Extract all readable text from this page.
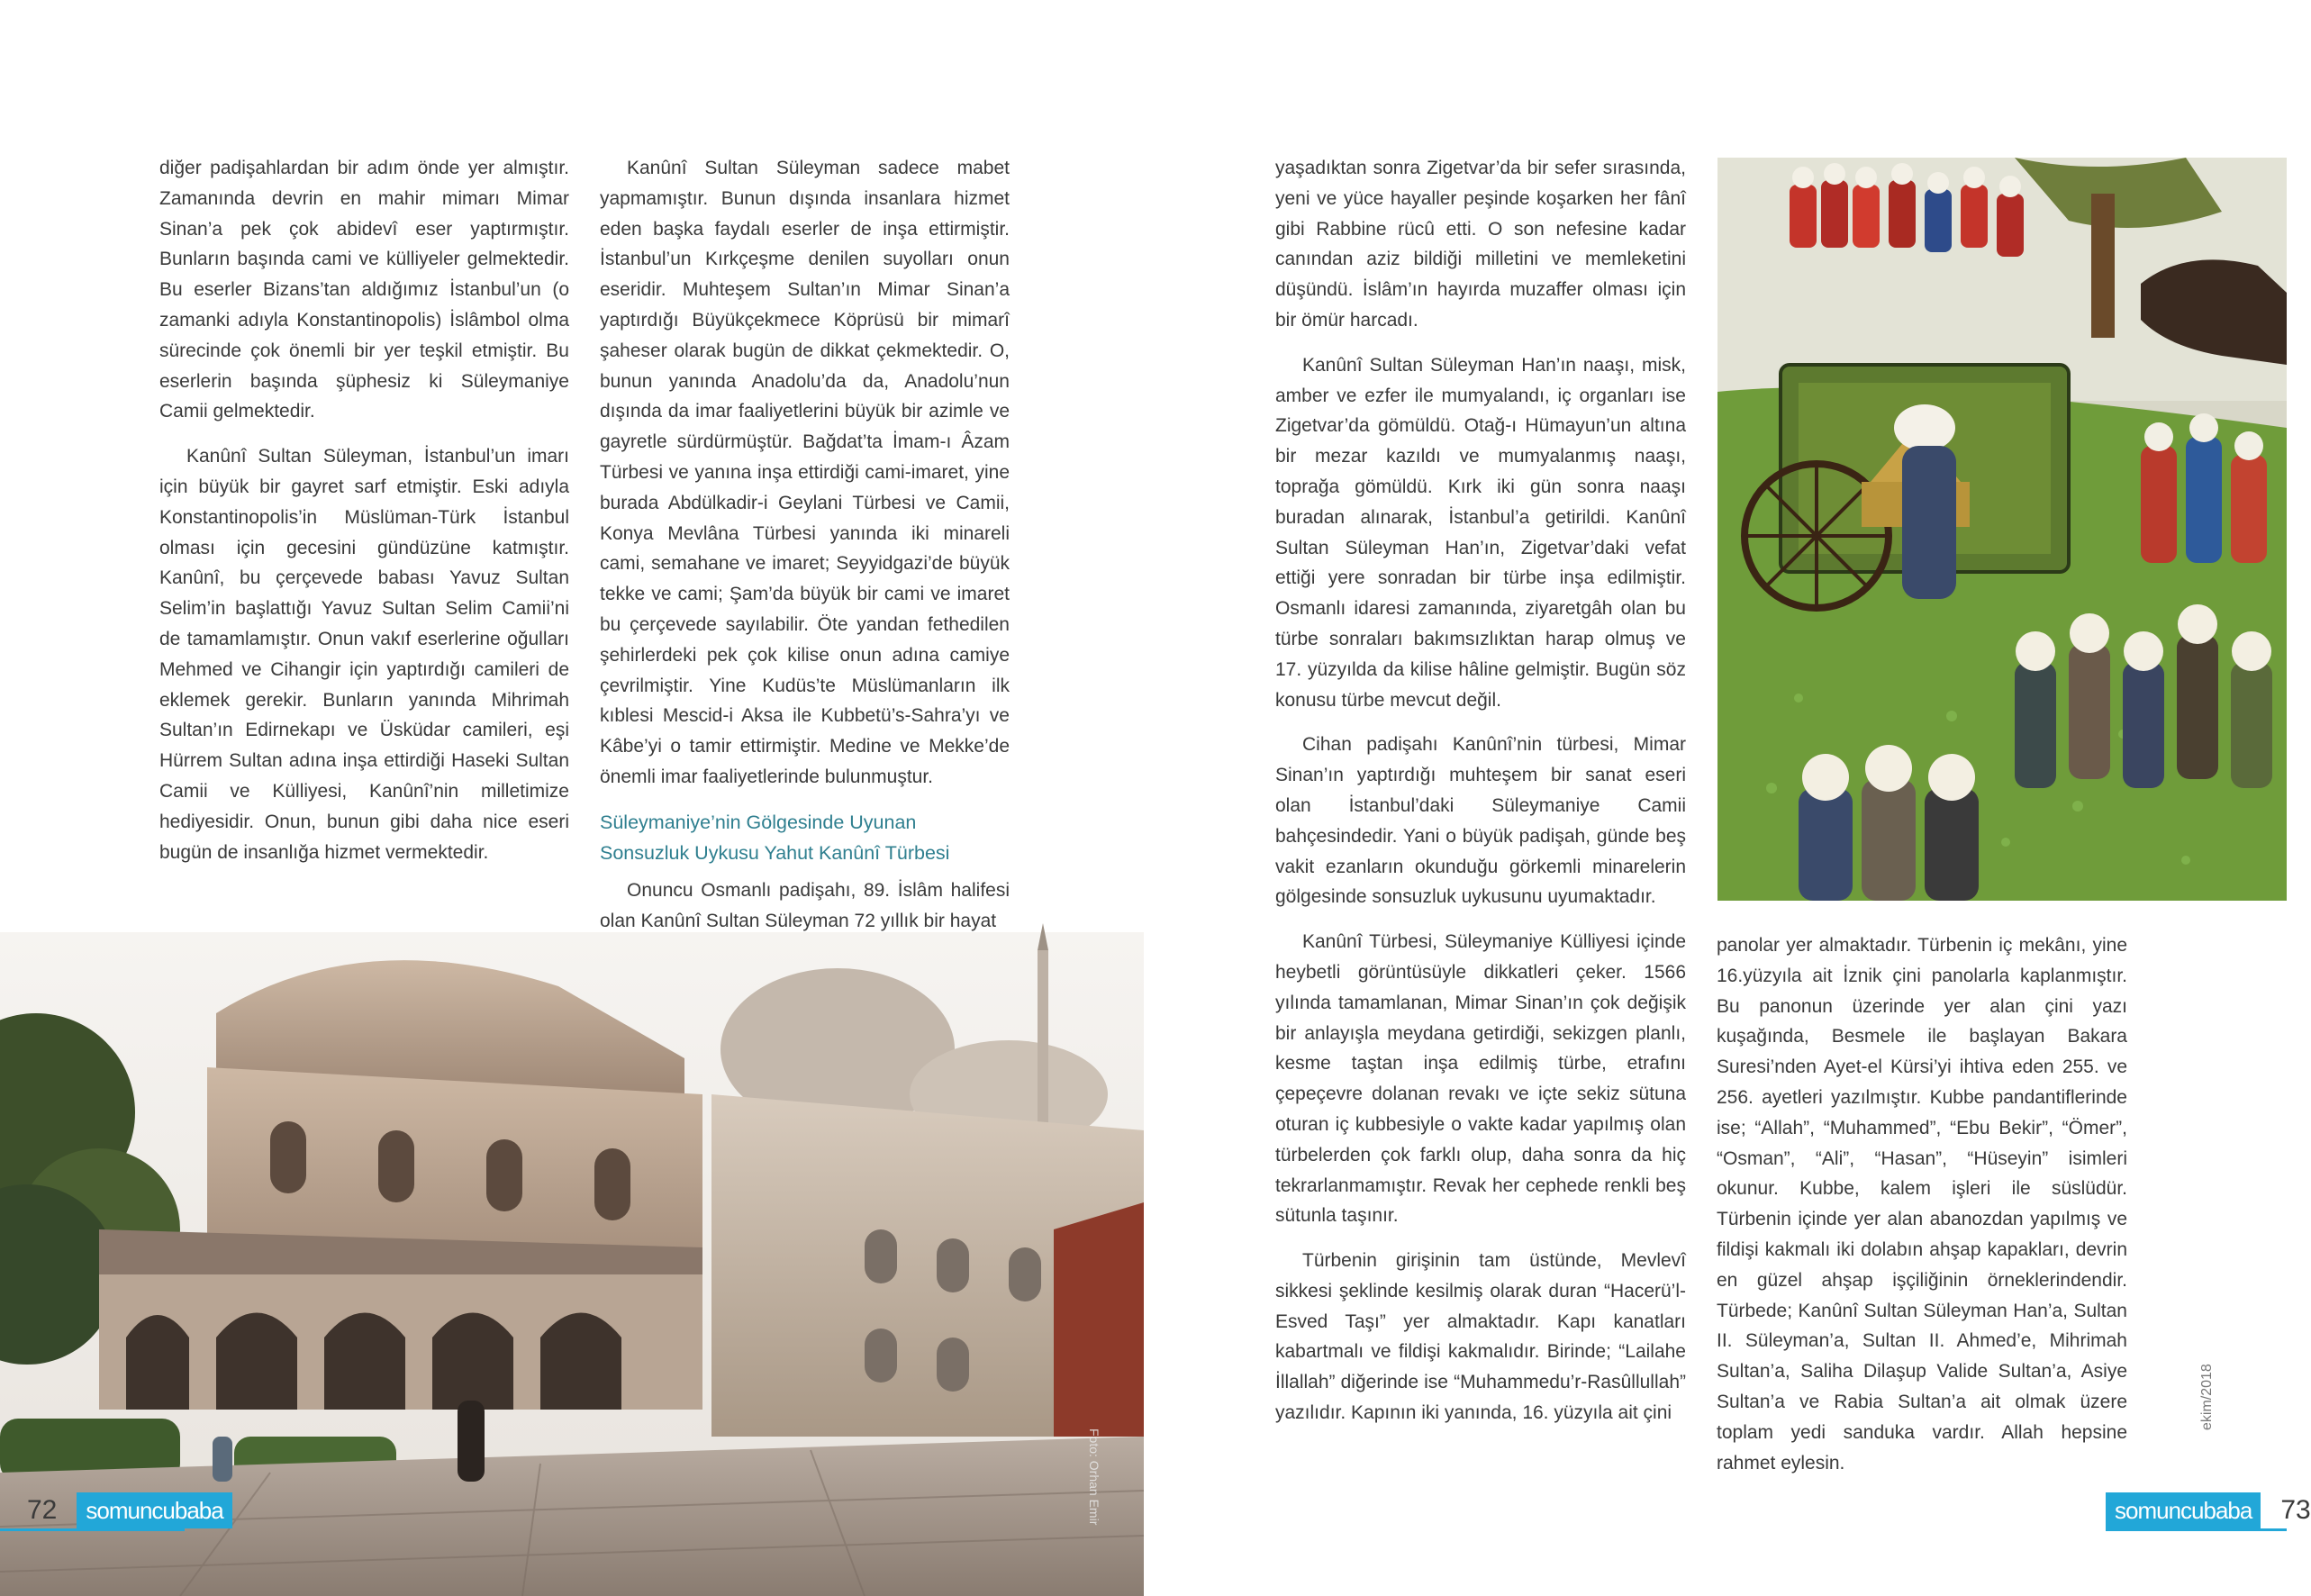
diğer padişahlardan bir adım önde yer almıştır. Zamanında devrin en mahir mimarı Mimar Sinan’a pek çok abidevî eser yaptırmıştır. Bunların başında cami ve külliyeler gelmektedir. Bu eserler Bizans’tan aldığımız İstanbul’un (o zamanki adıyla Konstantinopolis) İslâmbol olma sürecinde çok önemli bir yer teşkil etmiştir. Bu eserlerin başında şüphesiz ki Süleymaniye Camii gelmektedir.

Kanûnî Sultan Süleyman, İstanbul’un imarı için büyük bir gayret sarf etmiştir. Eski adıyla Konstantinopolis’in Müslüman-Türk İstanbul olması için gecesini gündüzüne katmıştır. Kanûnî, bu çerçevede babası Yavuz Sultan Selim’in başlattığı Yavuz Sultan Selim Camii’ni de tamamlamıştır. Onun vakıf eserlerine oğulları Mehmed ve Cihangir için yaptırdığı camileri de eklemek gerekir. Bunların yanında Mihrimah Sultan’ın Edirnekapı ve Üsküdar camileri, eşi Hürrem Sultan adına inşa ettirdiği Haseki Sultan Camii ve Külliyesi, Kanûnî’nin milletimize hediyesidir. Onun, bunun gibi daha nice eseri bugün de insanlığa hizmet vermektedir.

Kanûnî Sultan Süleyman sadece mabet yapmamıştır. Bunun dışında insanlara hizmet eden başka faydalı eserler de inşa ettirmiştir. İstanbul’un Kırkçeşme denilen suyolları onun eseridir. Muhteşem Sultan’ın Mimar Sinan’a yaptırdığı Büyükçekmece Köprüsü bir mimarî şaheser olarak bugün de dikkat çekmektedir. O, bunun yanında Anadolu’da da, Anadolu’nun dışında da imar faaliyetlerini büyük bir azimle ve gayretle sürdürmüştür. Bağdat’ta İmam-ı Âzam Türbesi ve yanına inşa ettirdiği cami-imaret, yine burada Abdülkadir-i Geylani Türbesi ve Camii, Konya Mevlâna Türbesi yanında iki minareli cami, semahane ve imaret; Seyyidgazi’de büyük tekke ve cami; Şam’da büyük bir cami ve imaret bu çerçevede sayılabilir. Öte yandan fethedilen şehirlerdeki pek çok kilise onun adına camiye çevrilmiştir. Yine Kudüs’te Müslümanların ilk kıblesi Mescid-i Aksa ile Kubbetü’s-Sahra’yı ve Kâbe’yi o tamir ettirmiştir. Medine ve Mekke’de önemli imar faaliyetlerinde bulunmuştur.

Süleymaniye’nin Gölgesinde Uyunan Sonsuzluk Uykusu Yahut Kanûnî Türbesi

Onuncu Osmanlı padişahı, 89. İslâm halifesi olan Kanûnî Sultan Süleyman 72 yıllık bir hayat

Foto: Orhan Emir
72	somuncubaba

yaşadıktan sonra Zigetvar’da bir sefer sırasında, yeni ve yüce hayaller peşinde koşarken her fânî gibi Rabbine rücû etti. O son nefesine kadar canından aziz bildiği milletini ve memleketini düşündü. İslâm’ın hayırda muzaffer olması için bir ömür harcadı.

Kanûnî Sultan Süleyman Han’ın naaşı, misk, amber ve ezfer ile mumyalandı, iç organları ise Zigetvar’da gömüldü. Otağ-ı Hümayun’un altına bir mezar kazıldı ve mumyalanmış naaşı, toprağa gömüldü. Kırk iki gün sonra naaşı buradan alınarak, İstanbul’a getirildi. Kanûnî Sultan Süleyman Han’ın, Zigetvar’daki vefat ettiği yere sonradan bir türbe inşa edilmiştir. Osmanlı idaresi zamanında, ziyaretgâh olan bu türbe sonraları bakımsızlıktan harap olmuş ve 17. yüzyılda da kilise hâline gelmiştir. Bugün söz konusu türbe mevcut değil.

Cihan padişahı Kanûnî’nin türbesi, Mimar Sinan’ın yaptırdığı muhteşem bir sanat eseri olan İstanbul’daki Süleymaniye Camii bahçesindedir. Yani o büyük padişah, günde beş vakit ezanların okunduğu görkemli minarelerin gölgesinde sonsuzluk uykusunu uyumaktadır.

Kanûnî Türbesi, Süleymaniye Külliyesi içinde heybetli görüntüsüyle dikkatleri çeker. 1566 yılında tamamlanan, Mimar Sinan’ın çok değişik bir anlayışla meydana getirdiği, sekizgen planlı, kesme taştan inşa edilmiş türbe, etrafını çepeçevre dolanan revakı ve içte sekiz sütuna oturan iç kubbesiyle o vakte kadar yapılmış olan türbelerden çok farklı olup, daha sonra da hiç tekrarlanmamıştır. Revak her cephede renkli beş sütunla taşınır.

Türbenin girişinin tam üstünde, Mevlevî sikkesi şeklinde kesilmiş olarak duran “Hacerü’l-Esved Taşı” yer almaktadır. Kapı kanatları kabartmalı ve fildişi kakmalıdır. Birinde; “Lailahe İllallah” diğerinde ise “Muhammedu’r-Rasûllullah” yazılıdır. Kapının iki yanında, 16. yüzyıla ait çini

panolar yer almaktadır. Türbenin iç mekânı, yine 16.yüzyıla ait İznik çini panolarla kaplanmıştır. Bu panonun üzerinde yer alan çini yazı kuşağında, Besmele ile başlayan Bakara Suresi’nden Ayet-el Kürsi’yi ihtiva eden 255. ve 256. ayetleri yazılmıştır. Kubbe pandantiflerinde ise; “Allah”, “Muhammed”, “Ebu Bekir”, “Ömer”, “Osman”, “Ali”, “Hasan”, “Hüseyin” isimleri okunur. Kubbe, kalem işleri ile süslüdür. Türbenin içinde yer alan abanozdan yapılmış ve fildişi kakmalı iki dolabın ahşap kapakları, devrin en güzel ahşap işçiliğinin örneklerindendir. Türbede; Kanûnî Sultan Süleyman Han’a, Sultan II. Süleyman’a, Sultan II. Ahmed’e, Mihrimah Sultan’a, Saliha Dilaşup Valide Sultan’a, Asiye Sultan’a ve Rabia Sultan’a ait olmak üzere toplam yedi sanduka vardır. Allah hepsine rahmet eylesin.

ekim/2018
somuncubaba	73
